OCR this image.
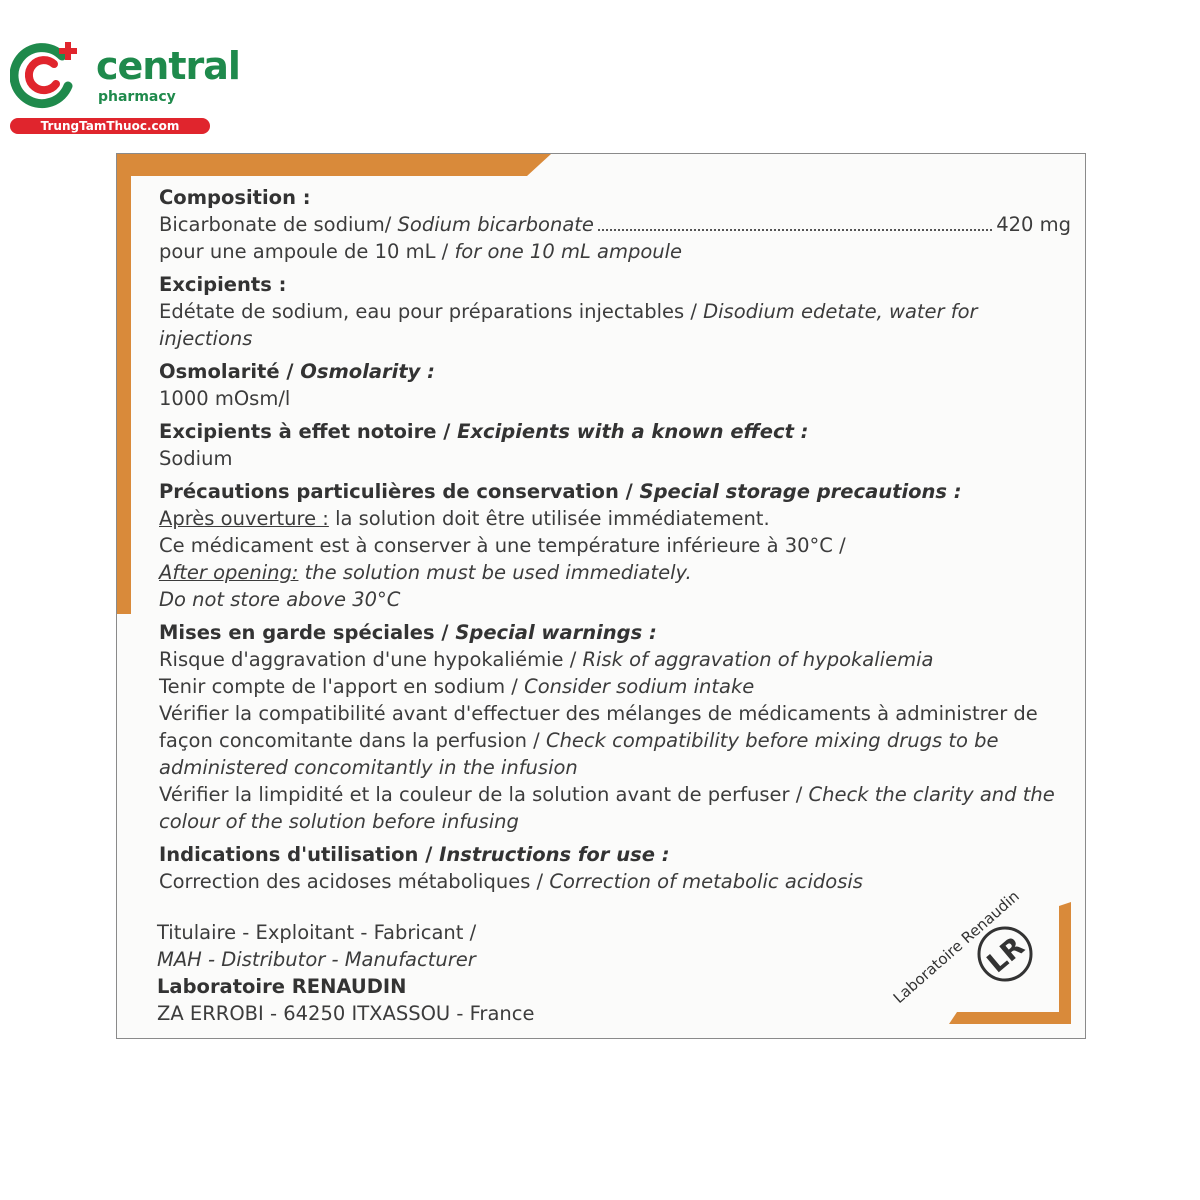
central
pharmacy
TrungTamThuoc.com

Composition :

Bicarbonate de sodium/ Sodium bicarbonate	420 mg

pour une ampoule de 10 mL / for one 10 mL ampoule

Excipients :

Edétate de sodium, eau pour préparations injectables / Disodium edetate, water for injections

Osmolarité / Osmolarity :

1000 mOsm/l

Excipients à effet notoire / Excipients with a known effect :

Sodium

Précautions particulières de conservation / Special storage precautions :

Après ouverture : la solution doit être utilisée immédiatement.

Ce médicament est à conserver à une température inférieure à 30°C /

After opening: the solution must be used immediately.

Do not store above 30°C

Mises en garde spéciales / Special warnings :

Risque d'aggravation d'une hypokaliémie / Risk of aggravation of hypokaliemia

Tenir compte de l'apport en sodium / Consider sodium intake

Vérifier la compatibilité avant d'effectuer des mélanges de médicaments à administrer de façon concomitante dans la perfusion / Check compatibility before mixing drugs to be administered concomitantly in the infusion

Vérifier la limpidité et la couleur de la solution avant de perfuser / Check the clarity and the colour of the solution before infusing

Indications d'utilisation / Instructions for use :

Correction des acidoses métaboliques / Correction of metabolic acidosis

Titulaire - Exploitant - Fabricant /

MAH - Distributor - Manufacturer

Laboratoire RENAUDIN

ZA ERROBI - 64250 ITXASSOU - France

Laboratoire Renaudin
LR
